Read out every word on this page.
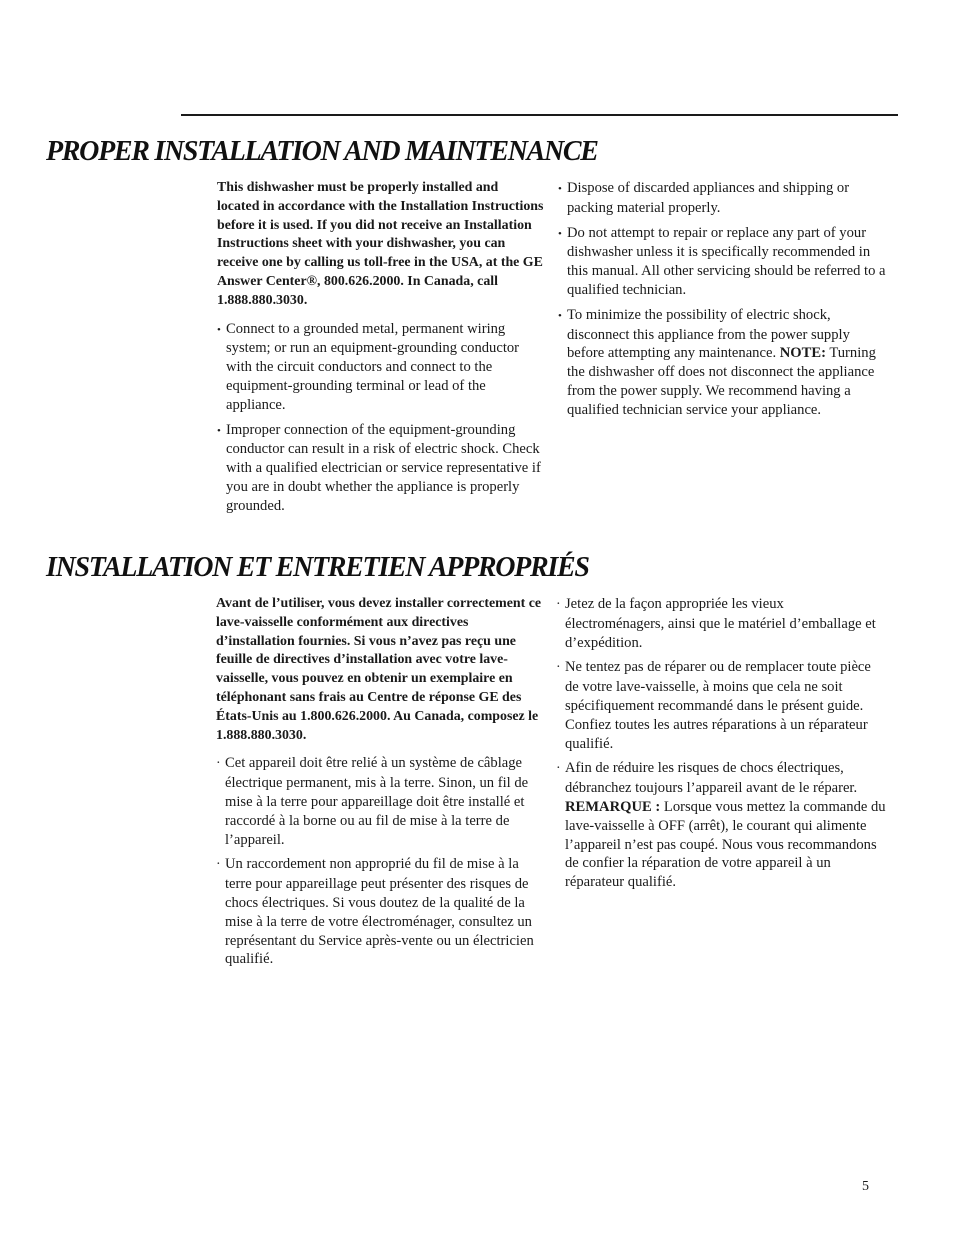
PROPER INSTALLATION AND MAINTENANCE

This dishwasher must be properly installed and located in accordance with the Installation Instructions before it is used. If you did not receive an Installation Instructions sheet with your dishwasher, you can receive one by calling us toll-free in the USA, at the GE Answer Center®, 800.626.2000. In Canada, call 1.888.880.3030.

• Connect to a grounded metal, permanent wiring system; or run an equipment-grounding conductor with the circuit conductors and connect to the equipment-grounding terminal or lead of the appliance.

• Improper connection of the equipment-grounding conductor can result in a risk of electric shock. Check with a qualified electrician or service representative if you are in doubt whether the appliance is properly grounded.

• Dispose of discarded appliances and shipping or packing material properly.

• Do not attempt to repair or replace any part of your dishwasher unless it is specifically recommended in this manual. All other servicing should be referred to a qualified technician.

• To minimize the possibility of electric shock, disconnect this appliance from the power supply before attempting any maintenance. NOTE: Turning the dishwasher off does not disconnect the appliance from the power supply. We recommend having a qualified technician service your appliance.

INSTALLATION ET ENTRETIEN APPROPRIÉS

Avant de l’utiliser, vous devez installer correctement ce lave-vaisselle conformément aux directives d’installation fournies. Si vous n’avez pas reçu une feuille de directives d’installation avec votre lave-vaisselle, vous pouvez en obtenir un exemplaire en téléphonant sans frais au Centre de réponse GE des États-Unis au 1.800.626.2000. Au Canada, composez le 1.888.880.3030.

· Cet appareil doit être relié à un système de câblage électrique permanent, mis à la terre. Sinon, un fil de mise à la terre pour appareillage doit être installé et raccordé à la borne ou au fil de mise à la terre de l’appareil.

· Un raccordement non approprié du fil de mise à la terre pour appareillage peut présenter des risques de chocs électriques. Si vous doutez de la qualité de la mise à la terre de votre électroménager, consultez un représentant du Service après-vente ou un électricien qualifié.

· Jetez de la façon appropriée les vieux électroménagers, ainsi que le matériel d’emballage et d’expédition.

· Ne tentez pas de réparer ou de remplacer toute pièce de votre lave-vaisselle, à moins que cela ne soit spécifiquement recommandé dans le présent guide. Confiez toutes les autres réparations à un réparateur qualifié.

· Afin de réduire les risques de chocs électriques, débranchez toujours l’appareil avant de le réparer. REMARQUE : Lorsque vous mettez la commande du lave-vaisselle à OFF (arrêt), le courant qui alimente l’appareil n’est pas coupé. Nous vous recommandons de confier la réparation de votre appareil à un réparateur qualifié.

5
